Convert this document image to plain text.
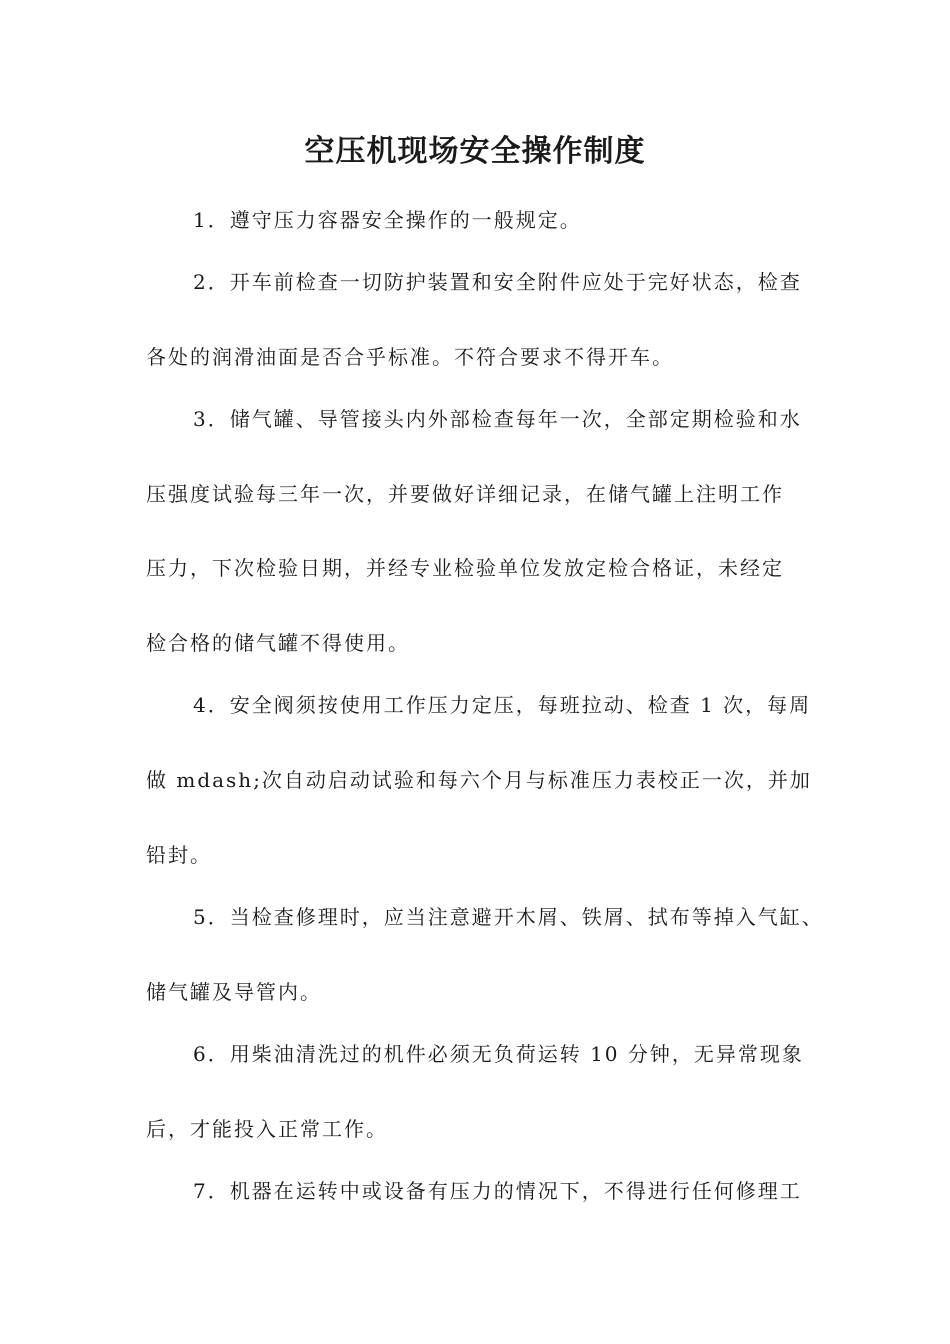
空压机现场安全操作制度
1．遵守压力容器安全操作的一般规定。
2．开车前检查一切防护装置和安全附件应处于完好状态，检查
各处的润滑油面是否合乎标准。不符合要求不得开车。
3．储气罐、导管接头内外部检查每年一次，全部定期检验和水
压强度试验每三年一次，并要做好详细记录，在储气罐上注明工作
压力，下次检验日期，并经专业检验单位发放定检合格证，未经定
检合格的储气罐不得使用。
4．安全阀须按使用工作压力定压，每班拉动、检查 1 次，每周
做 mdash;次自动启动试验和每六个月与标准压力表校正一次，并加
铅封。
5．当检查修理时，应当注意避开木屑、铁屑、拭布等掉入气缸、
储气罐及导管内。
6．用柴油清洗过的机件必须无负荷运转 10 分钟，无异常现象
后，才能投入正常工作。
7．机器在运转中或设备有压力的情况下，不得进行任何修理工
